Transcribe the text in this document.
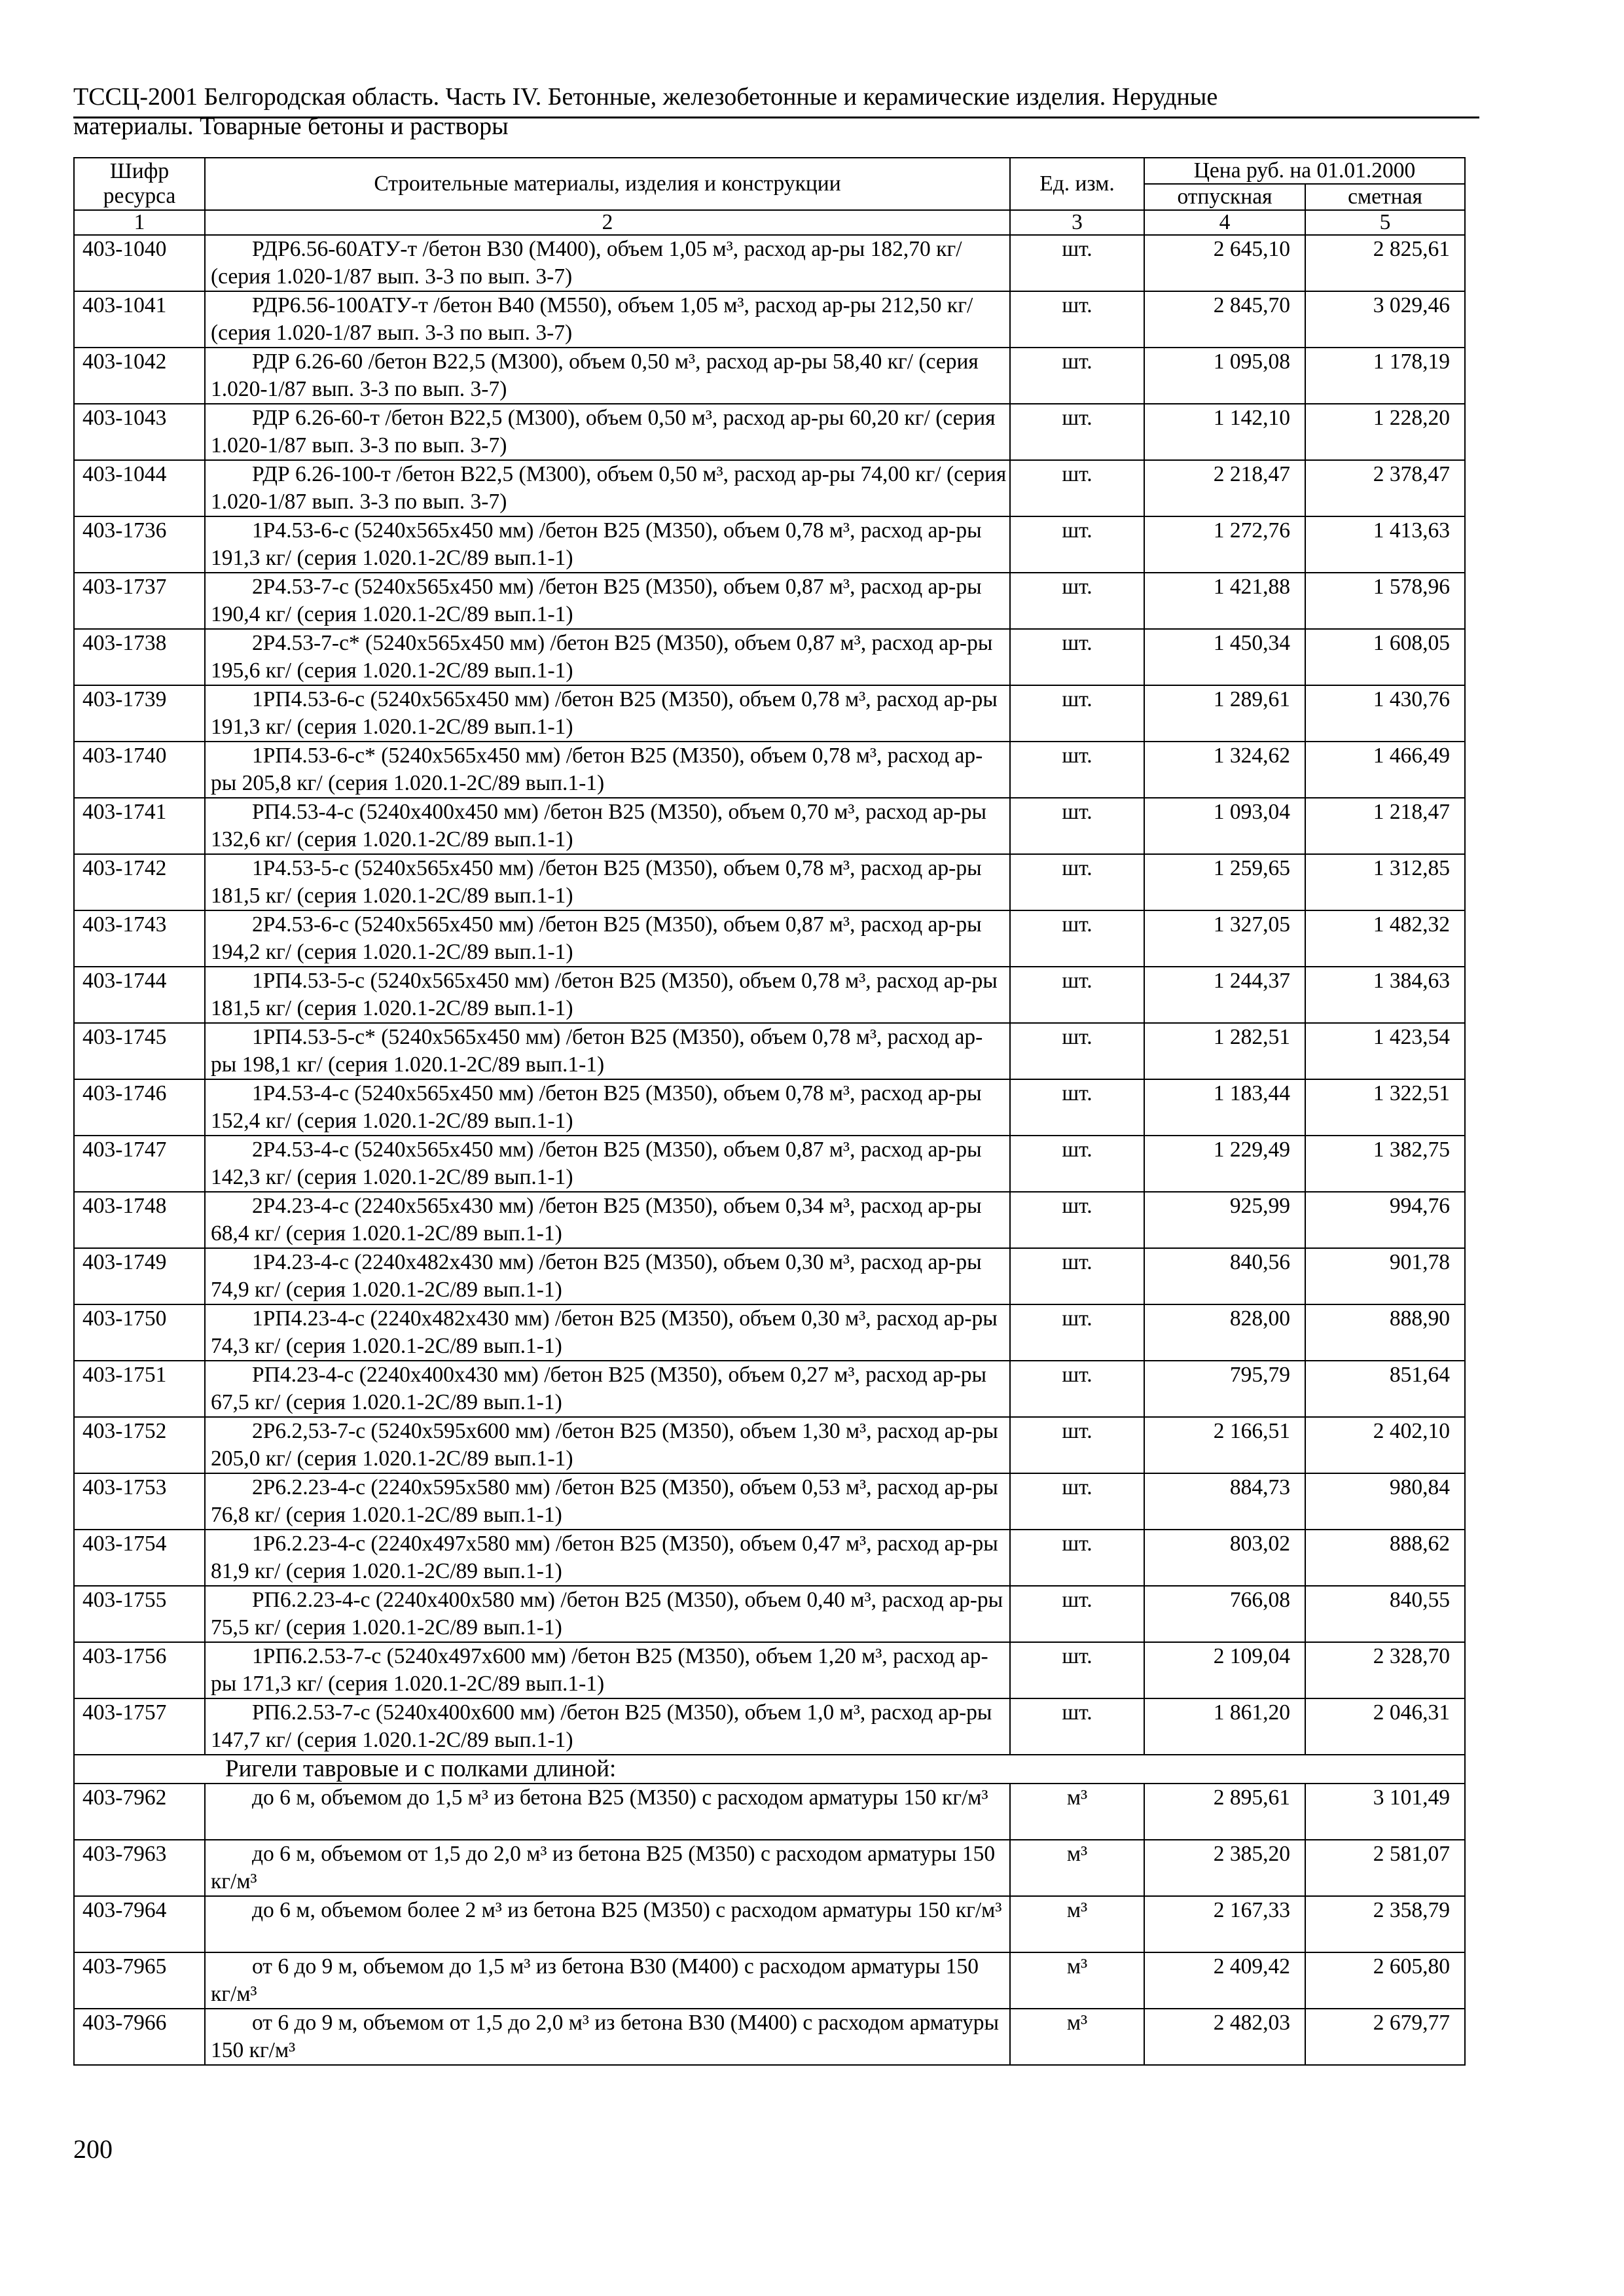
ТССЦ-2001 Белгородская область. Часть IV. Бетонные, железобетонные и керамические изделия. Нерудные
материалы. Товарные бетоны и растворы
Шифр ресурса	Строительные материалы, изделия и конструкции	Ед. изм.	Цена руб. на 01.01.2000	
			отпускная	сметная
1	2	3	4	5
403-1040	РДР6.56-60АТУ-т /бетон В30 (М400), объем 1,05 м³, расход ар-ры 182,70 кг/ (серия 1.020-1/87 вып. 3-3 по вып. 3-7)	шт.	2 645,10	2 825,61
403-1041	РДР6.56-100АТУ-т /бетон В40 (М550), объем 1,05 м³, расход ар-ры 212,50 кг/ (серия 1.020-1/87 вып. 3-3 по вып. 3-7)	шт.	2 845,70	3 029,46
403-1042	РДР 6.26-60 /бетон В22,5 (М300), объем 0,50 м³, расход ар-ры 58,40 кг/ (серия 1.020-1/87 вып. 3-3 по вып. 3-7)	шт.	1 095,08	1 178,19
403-1043	РДР 6.26-60-т /бетон В22,5 (М300), объем 0,50 м³, расход ар-ры 60,20 кг/ (серия 1.020-1/87 вып. 3-3 по вып. 3-7)	шт.	1 142,10	1 228,20
403-1044	РДР 6.26-100-т /бетон В22,5 (М300), объем 0,50 м³, расход ар-ры 74,00 кг/ (серия 1.020-1/87 вып. 3-3 по вып. 3-7)	шт.	2 218,47	2 378,47
403-1736	1Р4.53-6-с (5240х565х450 мм) /бетон В25 (М350), объем 0,78 м³, расход ар-ры 191,3 кг/ (серия 1.020.1-2С/89 вып.1-1)	шт.	1 272,76	1 413,63
403-1737	2Р4.53-7-с (5240х565х450 мм) /бетон В25 (М350), объем 0,87 м³, расход ар-ры 190,4 кг/ (серия 1.020.1-2С/89 вып.1-1)	шт.	1 421,88	1 578,96
403-1738	2Р4.53-7-с* (5240х565х450 мм) /бетон В25 (М350), объем 0,87 м³, расход ар-ры 195,6 кг/ (серия 1.020.1-2С/89 вып.1-1)	шт.	1 450,34	1 608,05
403-1739	1РП4.53-6-с (5240х565х450 мм) /бетон В25 (М350), объем 0,78 м³, расход ар-ры 191,3 кг/ (серия 1.020.1-2С/89 вып.1-1)	шт.	1 289,61	1 430,76
403-1740	1РП4.53-6-с* (5240х565х450 мм) /бетон В25 (М350), объем 0,78 м³, расход ар-ры 205,8 кг/ (серия 1.020.1-2С/89 вып.1-1)	шт.	1 324,62	1 466,49
403-1741	РП4.53-4-с (5240х400х450 мм) /бетон В25 (М350), объем 0,70 м³, расход ар-ры 132,6 кг/ (серия 1.020.1-2С/89 вып.1-1)	шт.	1 093,04	1 218,47
403-1742	1Р4.53-5-с (5240х565х450 мм) /бетон В25 (М350), объем 0,78 м³, расход ар-ры 181,5 кг/ (серия 1.020.1-2С/89 вып.1-1)	шт.	1 259,65	1 312,85
403-1743	2Р4.53-6-с (5240х565х450 мм) /бетон В25 (М350), объем 0,87 м³, расход ар-ры 194,2 кг/ (серия 1.020.1-2С/89 вып.1-1)	шт.	1 327,05	1 482,32
403-1744	1РП4.53-5-с (5240х565х450 мм) /бетон В25 (М350), объем 0,78 м³, расход ар-ры 181,5 кг/ (серия 1.020.1-2С/89 вып.1-1)	шт.	1 244,37	1 384,63
403-1745	1РП4.53-5-с* (5240х565х450 мм) /бетон В25 (М350), объем 0,78 м³, расход ар-ры 198,1 кг/ (серия 1.020.1-2С/89 вып.1-1)	шт.	1 282,51	1 423,54
403-1746	1Р4.53-4-с (5240х565х450 мм) /бетон В25 (М350), объем 0,78 м³, расход ар-ры 152,4 кг/ (серия 1.020.1-2С/89 вып.1-1)	шт.	1 183,44	1 322,51
403-1747	2Р4.53-4-с (5240х565х450 мм) /бетон В25 (М350), объем 0,87 м³, расход ар-ры 142,3 кг/ (серия 1.020.1-2С/89 вып.1-1)	шт.	1 229,49	1 382,75
403-1748	2Р4.23-4-с (2240х565х430 мм) /бетон В25 (М350), объем 0,34 м³, расход ар-ры 68,4 кг/ (серия 1.020.1-2С/89 вып.1-1)	шт.	925,99	994,76
403-1749	1Р4.23-4-с (2240х482х430 мм) /бетон В25 (М350), объем 0,30 м³, расход ар-ры 74,9 кг/ (серия 1.020.1-2С/89 вып.1-1)	шт.	840,56	901,78
403-1750	1РП4.23-4-с (2240х482х430 мм) /бетон В25 (М350), объем 0,30 м³, расход ар-ры 74,3 кг/ (серия 1.020.1-2С/89 вып.1-1)	шт.	828,00	888,90
403-1751	РП4.23-4-с (2240х400х430 мм) /бетон В25 (М350), объем 0,27 м³, расход ар-ры 67,5 кг/ (серия 1.020.1-2С/89 вып.1-1)	шт.	795,79	851,64
403-1752	2Р6.2,53-7-с (5240х595х600 мм) /бетон В25 (М350), объем 1,30 м³, расход ар-ры 205,0 кг/ (серия 1.020.1-2С/89 вып.1-1)	шт.	2 166,51	2 402,10
403-1753	2Р6.2.23-4-с (2240х595х580 мм) /бетон В25 (М350), объем 0,53 м³, расход ар-ры 76,8 кг/ (серия 1.020.1-2С/89 вып.1-1)	шт.	884,73	980,84
403-1754	1Р6.2.23-4-с (2240х497х580 мм) /бетон В25 (М350), объем 0,47 м³, расход ар-ры 81,9 кг/ (серия 1.020.1-2С/89 вып.1-1)	шт.	803,02	888,62
403-1755	РП6.2.23-4-с (2240х400х580 мм) /бетон В25 (М350), объем 0,40 м³, расход ар-ры 75,5 кг/ (серия 1.020.1-2С/89 вып.1-1)	шт.	766,08	840,55
403-1756	1РП6.2.53-7-с (5240х497х600 мм) /бетон В25 (М350), объем 1,20 м³, расход ар-ры 171,3 кг/ (серия 1.020.1-2С/89 вып.1-1)	шт.	2 109,04	2 328,70
403-1757	РП6.2.53-7-с (5240х400х600 мм) /бетон В25 (М350), объем 1,0 м³, расход ар-ры 147,7 кг/ (серия 1.020.1-2С/89 вып.1-1)	шт.	1 861,20	2 046,31
Ригели тавровые и с полками длиной:				
403-7962	до 6 м, объемом до 1,5 м³ из бетона В25 (М350) с расходом арматуры 150 кг/м³	м³	2 895,61	3 101,49
403-7963	до 6 м, объемом от 1,5 до 2,0 м³ из бетона В25 (М350) с расходом арматуры 150 кг/м³	м³	2 385,20	2 581,07
403-7964	до 6 м, объемом более 2 м³ из бетона В25 (М350) с расходом арматуры 150 кг/м³	м³	2 167,33	2 358,79
403-7965	от 6 до 9 м, объемом до 1,5 м³ из бетона В30 (М400) с расходом арматуры 150 кг/м³	м³	2 409,42	2 605,80
403-7966	от 6 до 9 м, объемом от 1,5 до 2,0 м³ из бетона В30 (М400) с расходом арматуры 150 кг/м³	м³	2 482,03	2 679,77
200
